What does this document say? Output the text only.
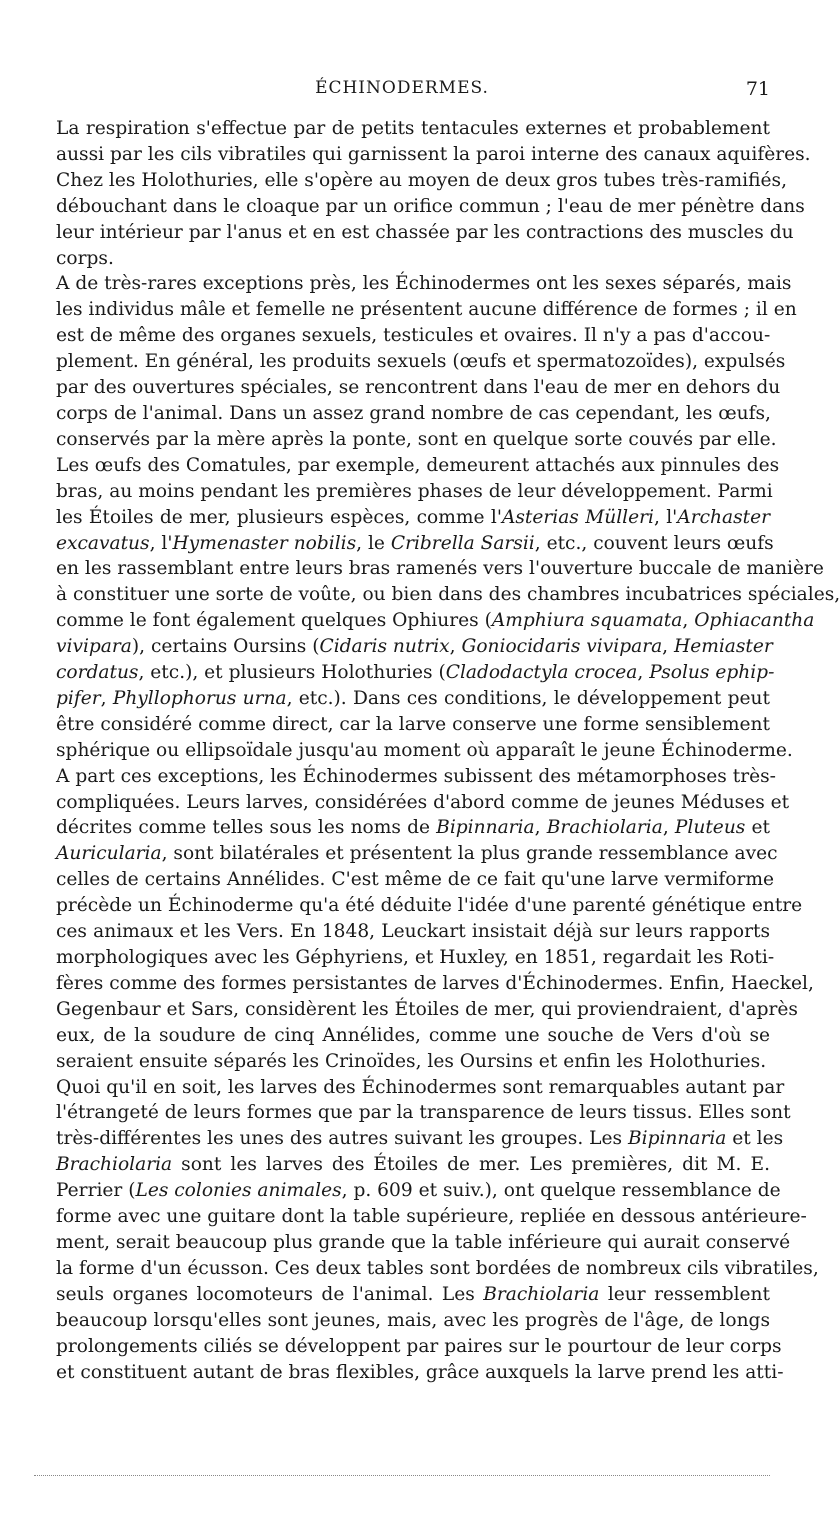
ÉCHINODERMES.	71

La respiration s'effectue par de petits tentacules externes et probablement
aussi par les cils vibratiles qui garnissent la paroi interne des canaux aquifères.
Chez les Holothuries, elle s'opère au moyen de deux gros tubes très-ramifiés,
débouchant dans le cloaque par un orifice commun ; l'eau de mer pénètre dans
leur intérieur par l'anus et en est chassée par les contractions des muscles du
corps.

A de très-rares exceptions près, les Échinodermes ont les sexes séparés, mais
les individus mâle et femelle ne présentent aucune différence de formes ; il en
est de même des organes sexuels, testicules et ovaires. Il n'y a pas d'accou-
plement. En général, les produits sexuels (œufs et spermatozoïdes), expulsés
par des ouvertures spéciales, se rencontrent dans l'eau de mer en dehors du
corps de l'animal. Dans un assez grand nombre de cas cependant, les œufs,
conservés par la mère après la ponte, sont en quelque sorte couvés par elle.
Les œufs des Comatules, par exemple, demeurent attachés aux pinnules des
bras, au moins pendant les premières phases de leur développement. Parmi
les Étoiles de mer, plusieurs espèces, comme l'Asterias Mülleri, l'Archaster
excavatus, l'Hymenaster nobilis, le Cribrella Sarsii, etc., couvent leurs œufs
en les rassemblant entre leurs bras ramenés vers l'ouverture buccale de manière
à constituer une sorte de voûte, ou bien dans des chambres incubatrices spéciales,
comme le font également quelques Ophiures (Amphiura squamata, Ophiacantha
vivipara), certains Oursins (Cidaris nutrix, Goniocidaris vivipara, Hemiaster
cordatus, etc.), et plusieurs Holothuries (Cladodactyla crocea, Psolus ephip-
pifer, Phyllophorus urna, etc.). Dans ces conditions, le développement peut
être considéré comme direct, car la larve conserve une forme sensiblement
sphérique ou ellipsoïdale jusqu'au moment où apparaît le jeune Échinoderme.

A part ces exceptions, les Échinodermes subissent des métamorphoses très-
compliquées. Leurs larves, considérées d'abord comme de jeunes Méduses et
décrites comme telles sous les noms de Bipinnaria, Brachiolaria, Pluteus et
Auricularia, sont bilatérales et présentent la plus grande ressemblance avec
celles de certains Annélides. C'est même de ce fait qu'une larve vermiforme
précède un Échinoderme qu'a été déduite l'idée d'une parenté génétique entre
ces animaux et les Vers. En 1848, Leuckart insistait déjà sur leurs rapports
morphologiques avec les Géphyriens, et Huxley, en 1851, regardait les Roti-
fères comme des formes persistantes de larves d'Échinodermes. Enfin, Haeckel,
Gegenbaur et Sars, considèrent les Étoiles de mer, qui proviendraient, d'après
eux, de la soudure de cinq Annélides, comme une souche de Vers d'où se
seraient ensuite séparés les Crinoïdes, les Oursins et enfin les Holothuries.

Quoi qu'il en soit, les larves des Échinodermes sont remarquables autant par
l'étrangeté de leurs formes que par la transparence de leurs tissus. Elles sont
très-différentes les unes des autres suivant les groupes. Les Bipinnaria et les
Brachiolaria sont les larves des Étoiles de mer. Les premières, dit M. E.
Perrier (Les colonies animales, p. 609 et suiv.), ont quelque ressemblance de
forme avec une guitare dont la table supérieure, repliée en dessous antérieure-
ment, serait beaucoup plus grande que la table inférieure qui aurait conservé
la forme d'un écusson. Ces deux tables sont bordées de nombreux cils vibratiles,
seuls organes locomoteurs de l'animal. Les Brachiolaria leur ressemblent
beaucoup lorsqu'elles sont jeunes, mais, avec les progrès de l'âge, de longs
prolongements ciliés se développent par paires sur le pourtour de leur corps
et constituent autant de bras flexibles, grâce auxquels la larve prend les atti-
